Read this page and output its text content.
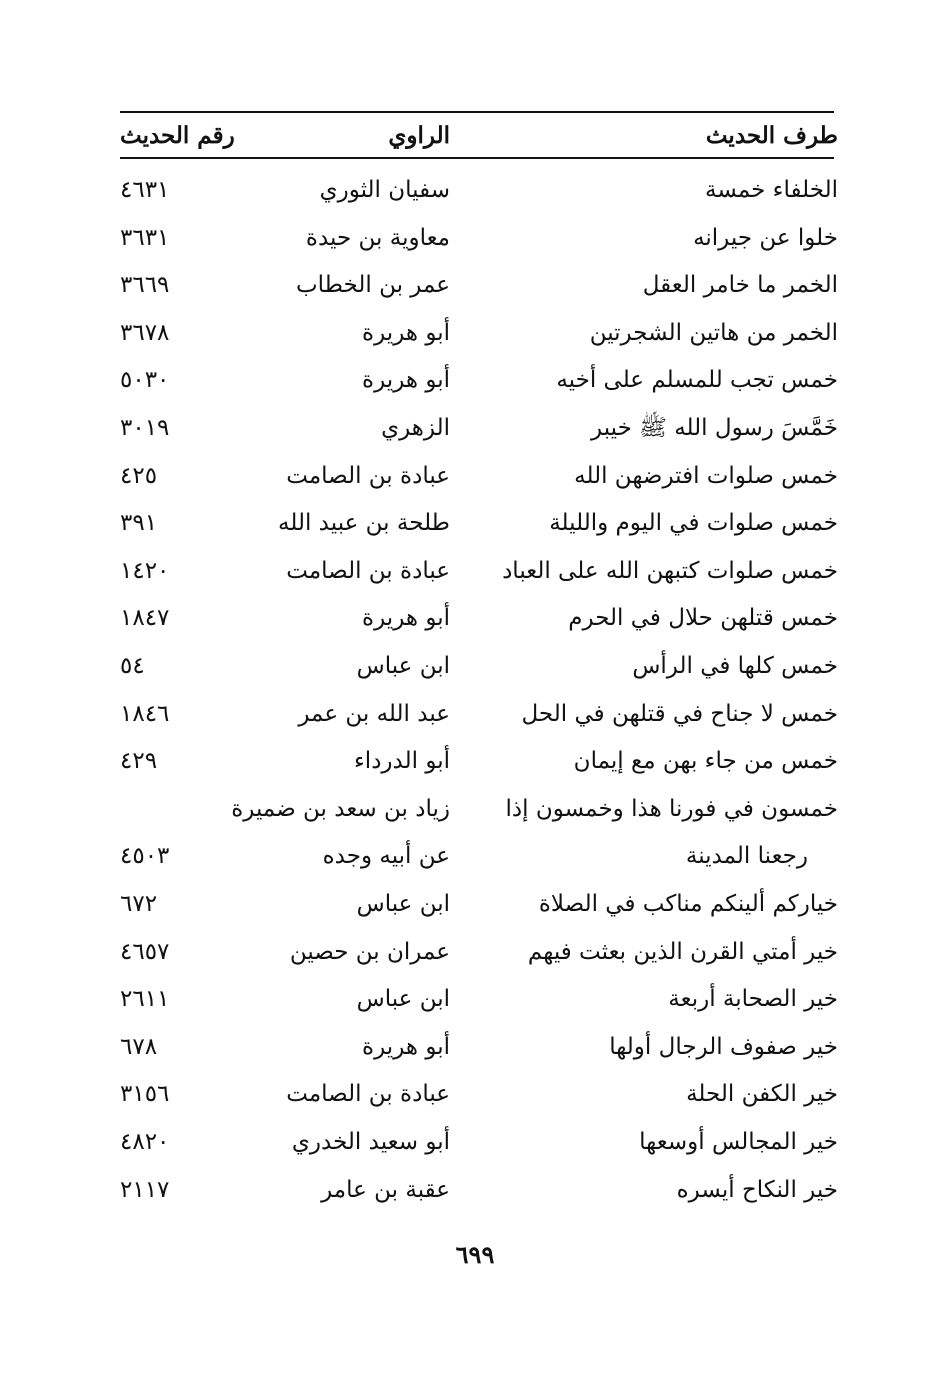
طرف الحديث
الراوي
رقم الحديث
الخلفاء خمسة
سفيان الثوري
٤٦٣١
خلوا عن جيرانه
معاوية بن حيدة
٣٦٣١
الخمر ما خامر العقل
عمر بن الخطاب
٣٦٦٩
الخمر من هاتين الشجرتين
أبو هريرة
٣٦٧٨
خمس تجب للمسلم على أخيه
أبو هريرة
٥٠٣٠
خَمَّسَ رسول الله ﷺ خيبر
الزهري
٣٠١٩
خمس صلوات افترضهن الله
عبادة بن الصامت
٤٢٥
خمس صلوات في اليوم والليلة
طلحة بن عبيد الله
٣٩١
خمس صلوات كتبهن الله على العباد
عبادة بن الصامت
١٤٢٠
خمس قتلهن حلال في الحرم
أبو هريرة
١٨٤٧
خمس كلها في الرأس
ابن عباس
٥٤
خمس لا جناح في قتلهن في الحل
عبد الله بن عمر
١٨٤٦
خمس من جاء بهن مع إيمان
أبو الدرداء
٤٢٩
خمسون في فورنا هذا وخمسون إذا
زياد بن سعد بن ضميرة
رجعنا المدينة
عن أبيه وجده
٤٥٠٣
خياركم ألينكم مناكب في الصلاة
ابن عباس
٦٧٢
خير أمتي القرن الذين بعثت فيهم
عمران بن حصين
٤٦٥٧
خير الصحابة أربعة
ابن عباس
٢٦١١
خير صفوف الرجال أولها
أبو هريرة
٦٧٨
خير الكفن الحلة
عبادة بن الصامت
٣١٥٦
خير المجالس أوسعها
أبو سعيد الخدري
٤٨٢٠
خير النكاح أيسره
عقبة بن عامر
٢١١٧
٦٩٩
